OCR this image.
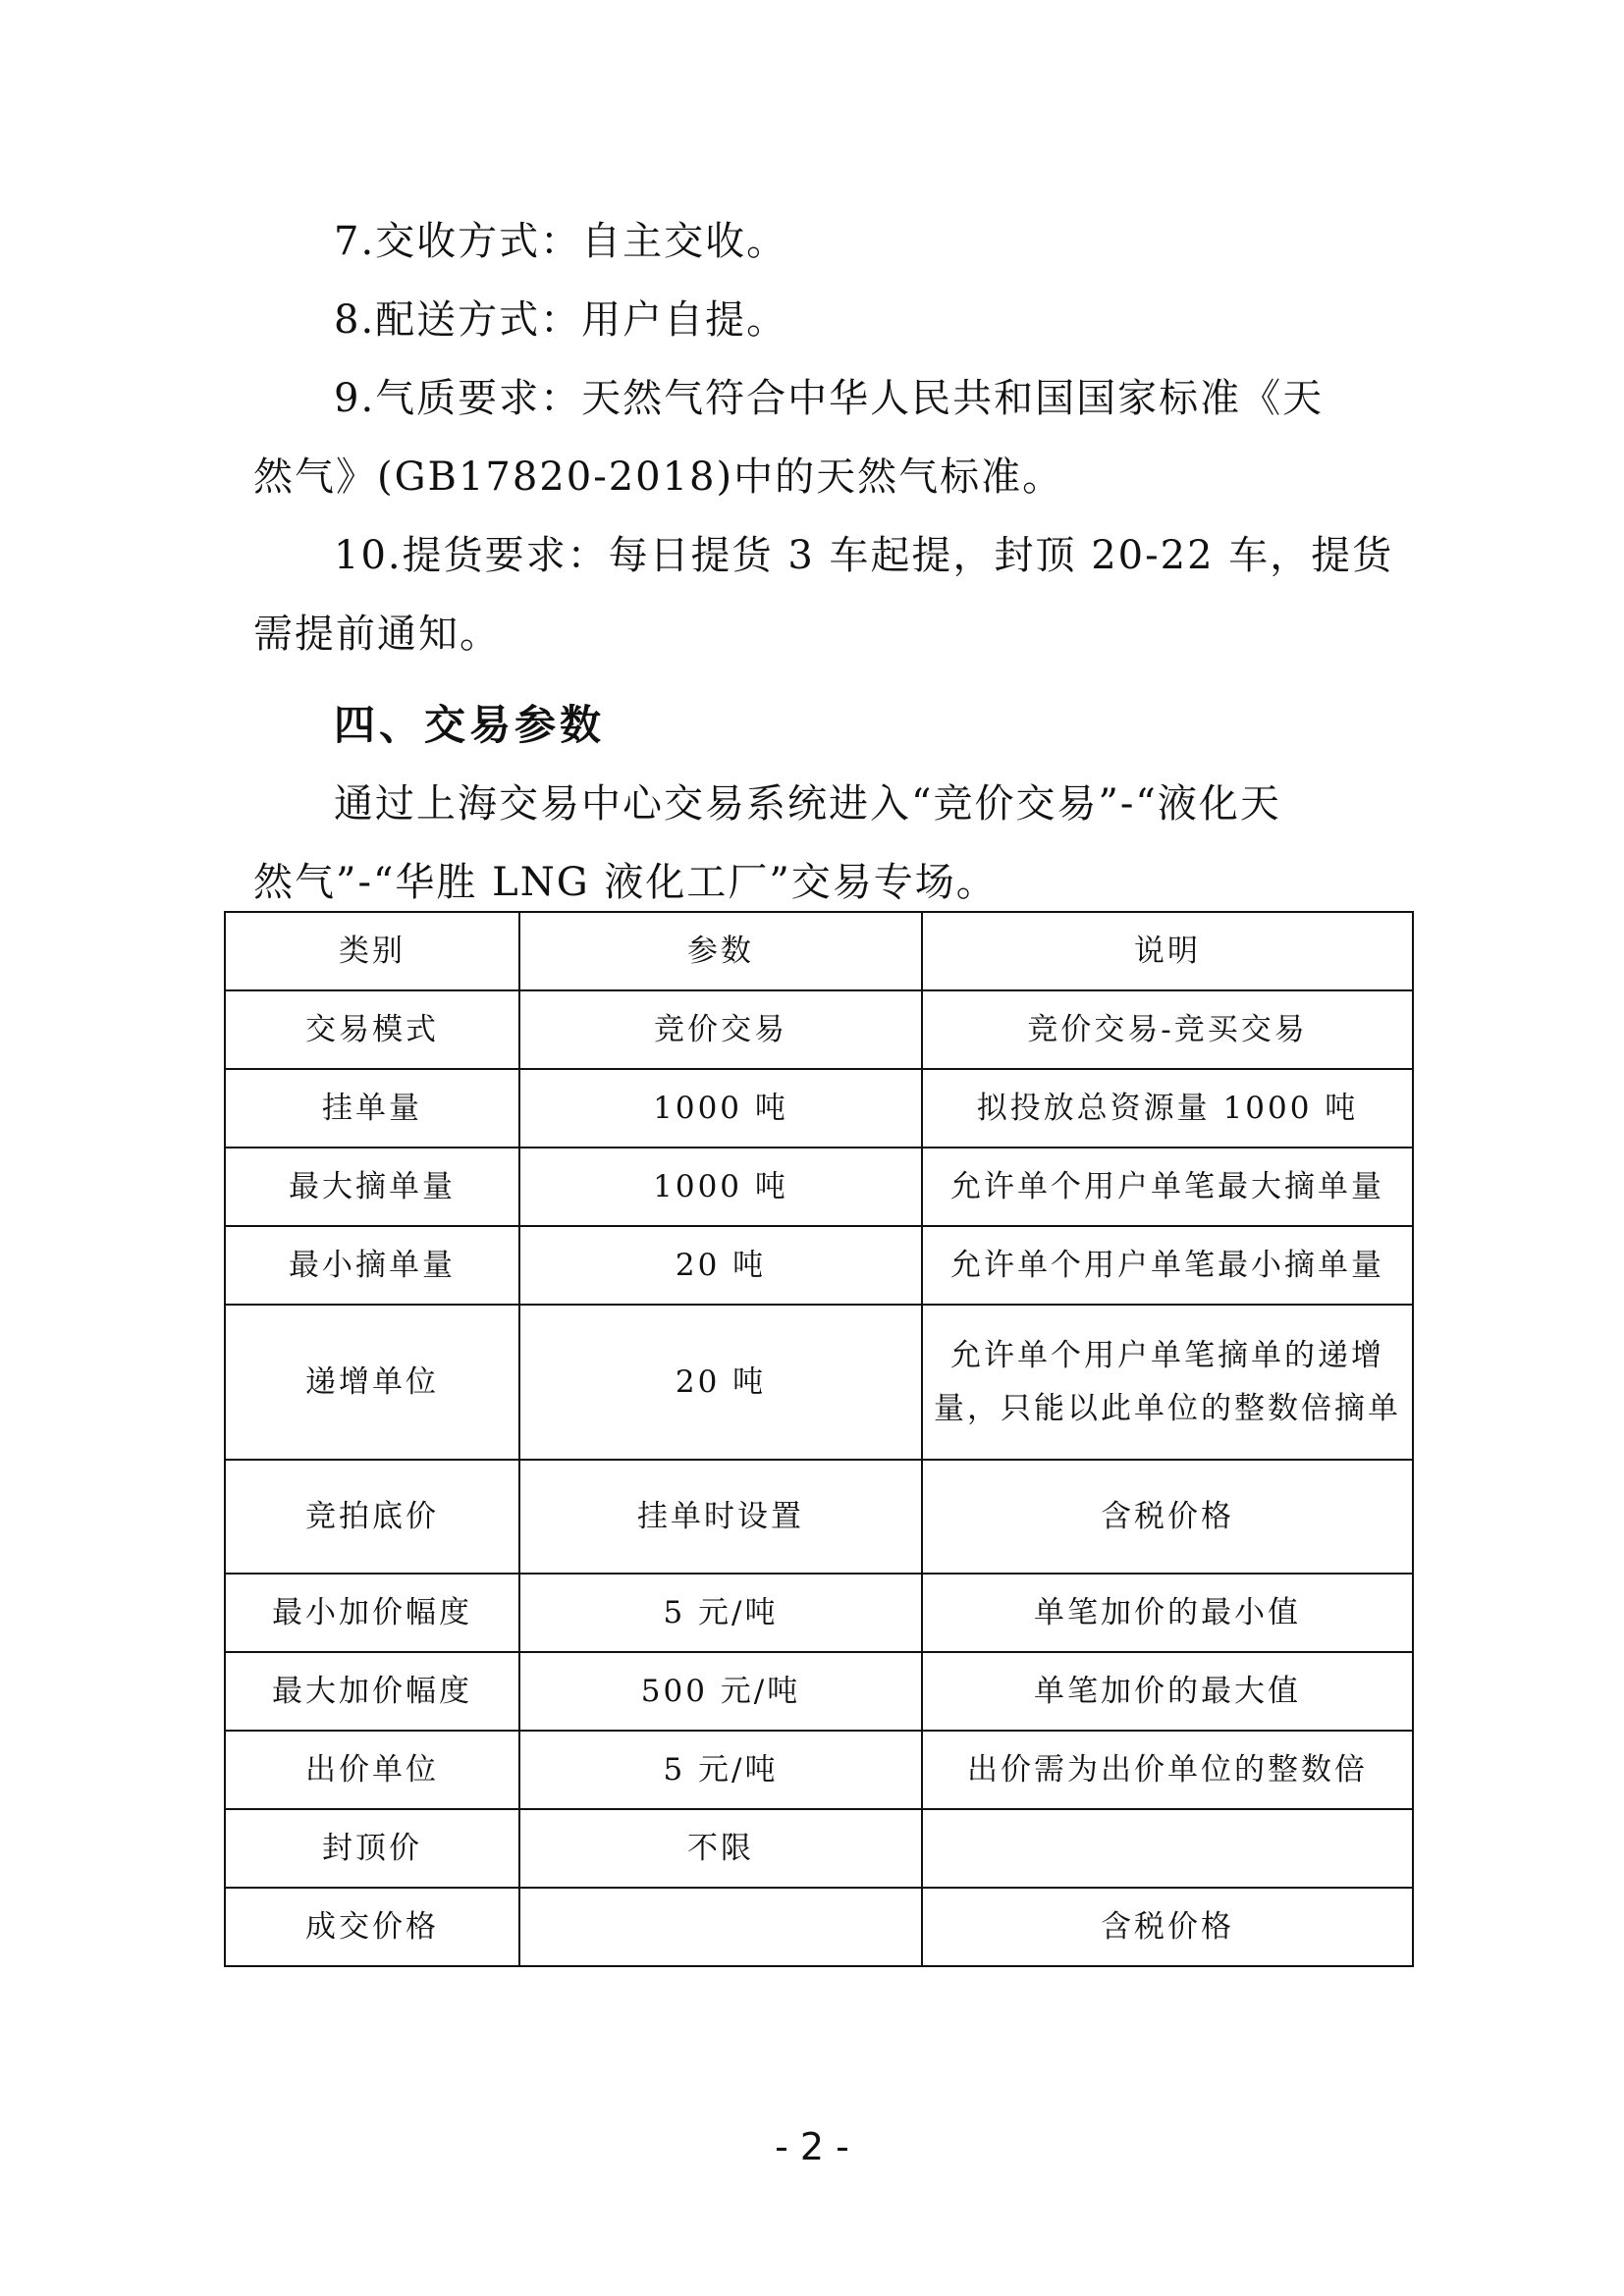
7.交收方式：自主交收。
8.配送方式：用户自提。
9.气质要求：天然气符合中华人民共和国国家标准《天
然气》(GB17820-2018)中的天然气标准。
10.提货要求：每日提货 3 车起提，封顶 20-22 车，提货
需提前通知。
四、交易参数
通过上海交易中心交易系统进入“竞价交易”-“液化天
然气”-“华胜 LNG 液化工厂”交易专场。
类别	参数	说明
交易模式	竞价交易	竞价交易-竞买交易
挂单量	1000 吨	拟投放总资源量 1000 吨
最大摘单量	1000 吨	允许单个用户单笔最大摘单量
最小摘单量	20 吨	允许单个用户单笔最小摘单量
递增单位	20 吨	允许单个用户单笔摘单的递增
量，只能以此单位的整数倍摘单

竞拍底价	挂单时设置	含税价格
最小加价幅度	5 元/吨	单笔加价的最小值
最大加价幅度	500 元/吨	单笔加价的最大值
出价单位	5 元/吨	出价需为出价单位的整数倍
封顶价	不限	
成交价格		含税价格
- 2 -
